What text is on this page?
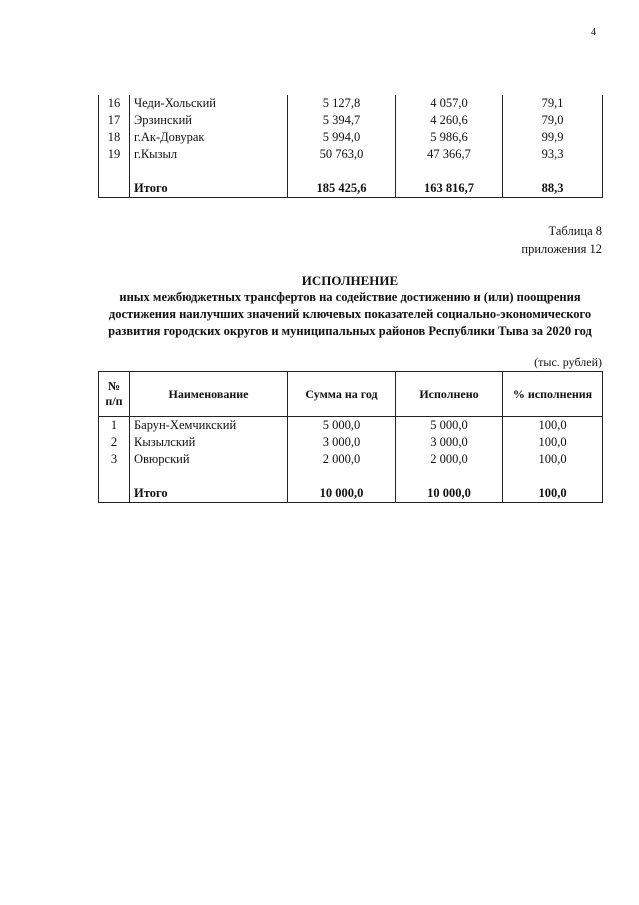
4
16	Чеди-Хольский	5 127,8	4 057,0	79,1
17	Эрзинский	5 394,7	4 260,6	79,0
18	г.Ак-Довурак	5 994,0	5 986,6	99,9
19	г.Кызыл	50 763,0	47 366,7	93,3

	Итого	185 425,6	163 816,7	88,3
Таблица 8
приложения 12
ИСПОЛНЕНИЕ
иных межбюджетных трансфертов на содействие достижению и (или) поощрения
достижения наилучших значений ключевых показателей социально-экономического
развития городских округов и муниципальных районов Республики Тыва за 2020 год
(тыс. рублей)
№ п/п	Наименование	Сумма на год	Исполнено	% исполнения
1	Барун-Хемчикский	5 000,0	5 000,0	100,0
2	Кызылский	3 000,0	3 000,0	100,0
3	Овюрский	2 000,0	2 000,0	100,0

	Итого	10 000,0	10 000,0	100,0
